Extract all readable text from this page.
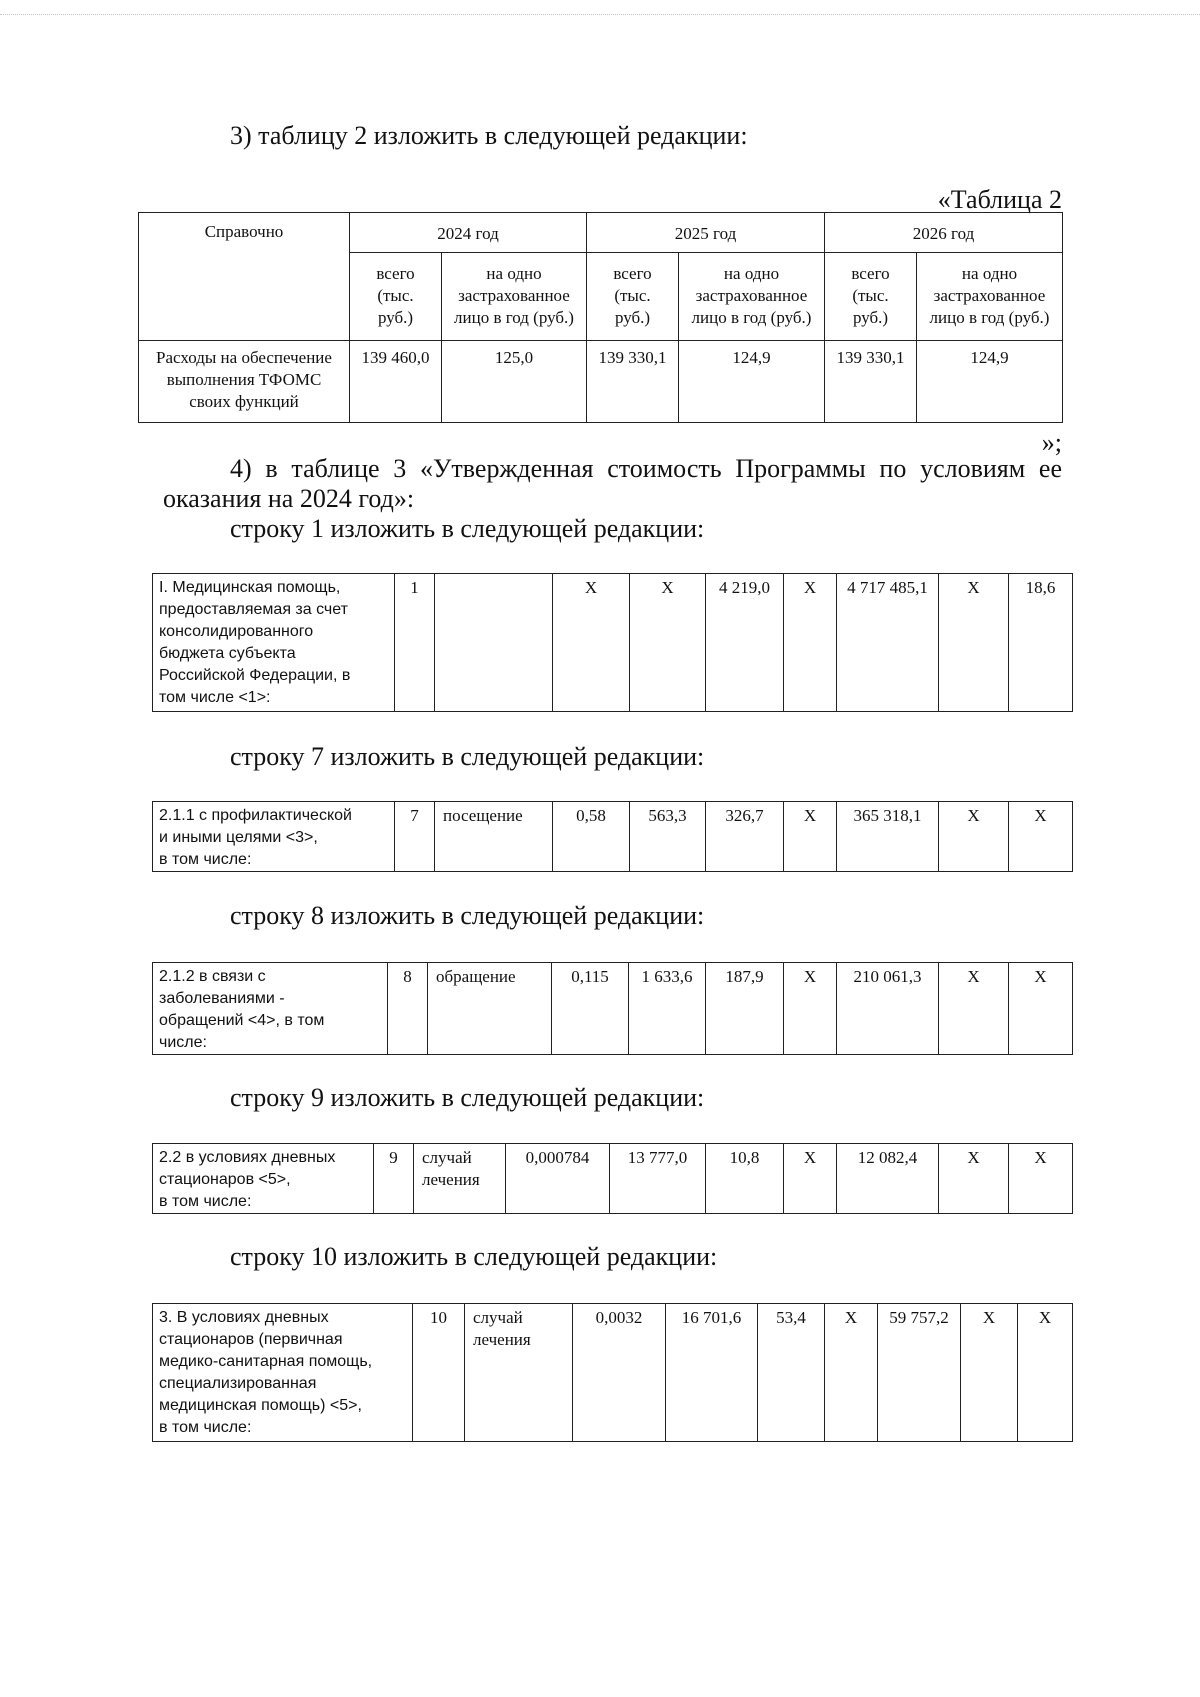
3) таблицу 2 изложить в следующей редакции:

«Таблица 2

Справочно	2024 год		2025 год		2026 год	
	всего
(тыс.
руб.)	на одно
застрахованное
лицо в год (руб.)	всего
(тыс.
руб.)	на одно
застрахованное
лицо в год (руб.)	всего
(тыс.
руб.)	на одно
застрахованное
лицо в год (руб.)
Расходы на обеспечение
выполнения ТФОМС
своих функций	139 460,0	125,0	139 330,1	124,9	139 330,1	124,9

»;

4) в таблице 3 «Утвержденная стоимость Программы по условиям ее

оказания на 2024 год»:

строку 1 изложить в следующей редакции:

I. Медицинская помощь,
предоставляемая за счет
консолидированного
бюджета субъекта
Российской Федерации, в
том числе <1>:	1		Х	Х	4 219,0	Х	4 717 485,1	Х	18,6

строку 7 изложить в следующей редакции:

2.1.1 с профилактической
и иными целями <3>,
в том числе:	7	посещение	0,58	563,3	326,7	Х	365 318,1	Х	Х

строку 8 изложить в следующей редакции:

2.1.2 в связи с
заболеваниями -
обращений <4>, в том
числе:	8	обращение	0,115	1 633,6	187,9	Х	210 061,3	Х	Х

строку 9 изложить в следующей редакции:

2.2 в условиях дневных
стационаров <5>,
в том числе:	9	случай
лечения	0,000784	13 777,0	10,8	Х	12 082,4	Х	Х

строку 10 изложить в следующей редакции:

3. В условиях дневных
стационаров (первичная
медико-санитарная помощь,
специализированная
медицинская помощь) <5>,
в том числе:	10	случай
лечения	0,0032	16 701,6	53,4	Х	59 757,2	Х	Х
